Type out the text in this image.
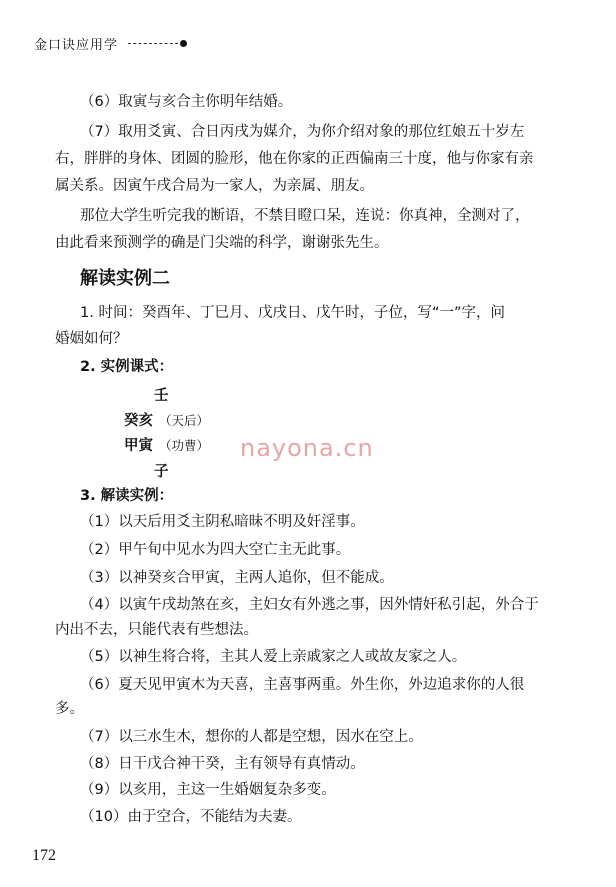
金口诀应用学
（6）取寅与亥合主你明年结婚。
（7）取用爻寅、合日丙戌为媒介，为你介绍对象的那位红娘五十岁左
右，胖胖的身体、团圆的脸形，他在你家的正西偏南三十度，他与你家有亲
属关系。因寅午戌合局为一家人，为亲属、朋友。
那位大学生听完我的断语，不禁目瞪口呆，连说：你真神，全测对了，
由此看来预测学的确是门尖端的科学，谢谢张先生。
解读实例二
1. 时间：癸酉年、丁巳月、戊戌日、戊午时，子位，写“一”字，问
婚姻如何？
2. 实例课式：
壬
癸亥 （天后）
甲寅 （功曹）
子
3. 解读实例：
（1）以天后用爻主阴私暗昧不明及奸淫事。
（2）甲午旬中见水为四大空亡主无此事。
（3）以神癸亥合甲寅，主两人追你，但不能成。
（4）以寅午戌劫煞在亥，主妇女有外逃之事，因外情奸私引起，外合于
内出不去，只能代表有些想法。
（5）以神生将合将，主其人爱上亲戚家之人或故友家之人。
（6）夏天见甲寅木为天喜，主喜事两重。外生你，外边追求你的人很
多。
（7）以三水生木，想你的人都是空想，因水在空上。
（8）日干戊合神干癸，主有领导有真情动。
（9）以亥用，主这一生婚姻复杂多变。
（10）由于空合，不能结为夫妻。
nayona.cn
172
